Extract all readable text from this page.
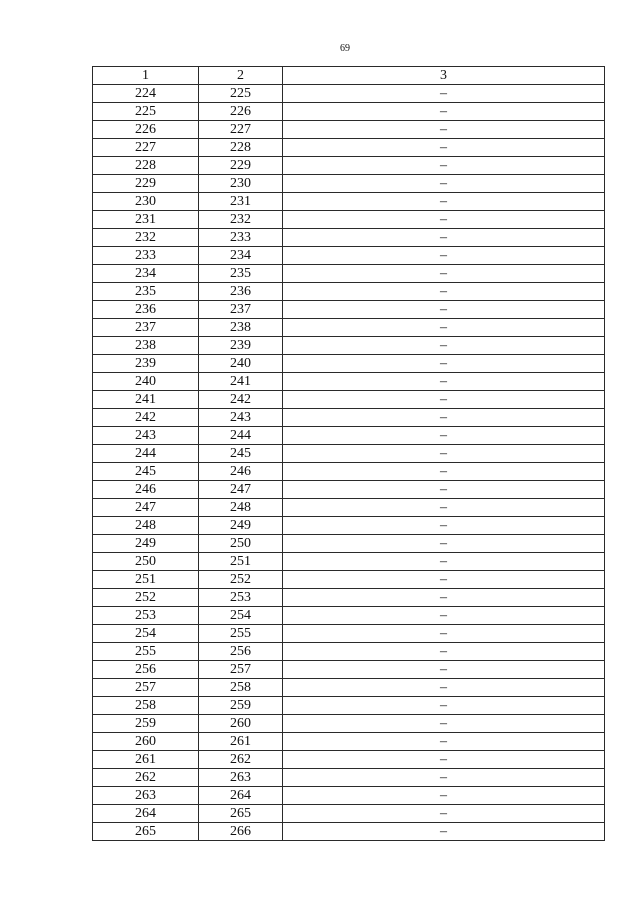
69
1	2	3
224	225	–
225	226	–
226	227	–
227	228	–
228	229	–
229	230	–
230	231	–
231	232	–
232	233	–
233	234	–
234	235	–
235	236	–
236	237	–
237	238	–
238	239	–
239	240	–
240	241	–
241	242	–
242	243	–
243	244	–
244	245	–
245	246	–
246	247	–
247	248	–
248	249	–
249	250	–
250	251	–
251	252	–
252	253	–
253	254	–
254	255	–
255	256	–
256	257	–
257	258	–
258	259	–
259	260	–
260	261	–
261	262	–
262	263	–
263	264	–
264	265	–
265	266	–
